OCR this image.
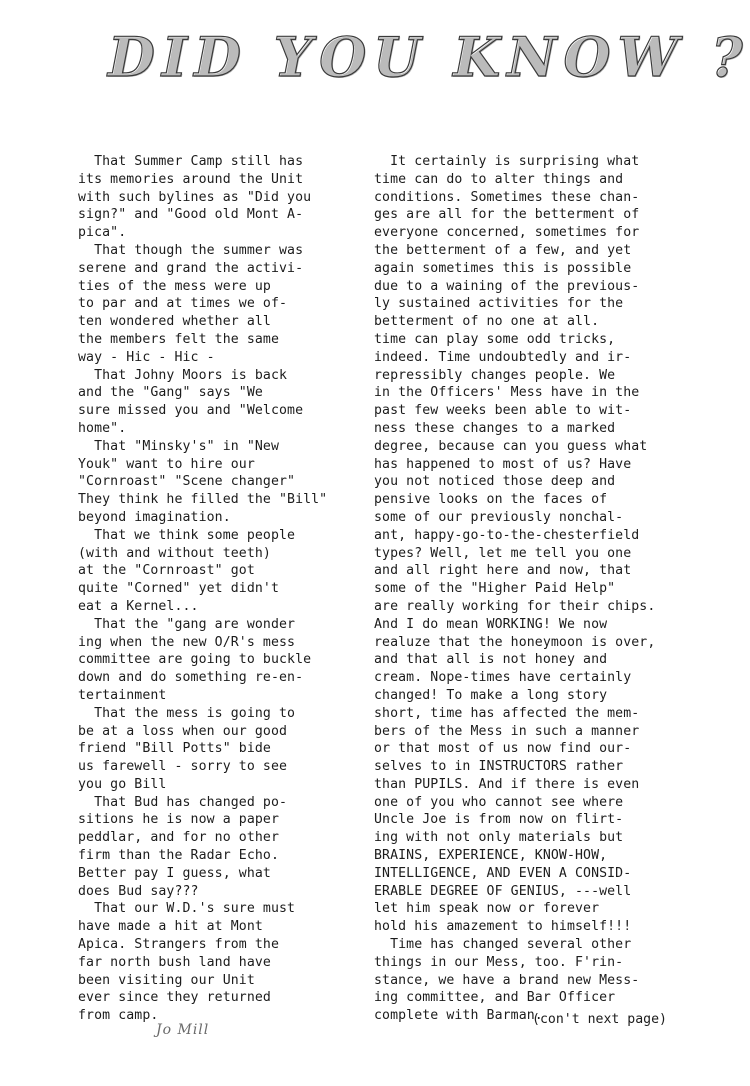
DID YOU KNOW ?
That Summer Camp still has
its memories around the Unit
with such bylines as "Did you
sign?" and "Good old Mont A-
pica".
That though the summer was
serene and grand the activi-
ties of the mess were up
to par and at times we of-
ten wondered whether all
the members felt the same
way - Hic - Hic -
That Johny Moors is back
and the "Gang" says "We
sure missed you and "Welcome
home".
That "Minsky's" in "New
Youk" want to hire our
"Cornroast" "Scene changer"
They think he filled the "Bill"
beyond imagination.
That we think some people
(with and without teeth)
at the "Cornroast" got
quite "Corned" yet didn't
eat a Kernel...
That the "gang are wonder
ing when the new O/R's mess
committee are going to buckle
down and do something re-en-
tertainment
That the mess is going to
be at a loss when our good
friend "Bill Potts" bide
us farewell - sorry to see
you go Bill
That Bud has changed po-
sitions he is now a paper
peddlar, and for no other
firm than the Radar Echo.
Better pay I guess, what
does Bud say???
That our W.D.'s sure must
have made a hit at Mont
Apica. Strangers from the
far north bush land have
been visiting our Unit
ever since they returned
from camp.
It certainly is surprising what
time can do to alter things and
conditions. Sometimes these chan-
ges are all for the betterment of
everyone concerned, sometimes for
the betterment of a few, and yet
again sometimes this is possible
due to a waining of the previous-
ly sustained activities for the
betterment of no one at all.
time can play some odd tricks,
indeed. Time undoubtedly and ir-
repressibly changes people. We
in the Officers' Mess have in the
past few weeks been able to wit-
ness these changes to a marked
degree, because can you guess what
has happened to most of us? Have
you not noticed those deep and
pensive looks on the faces of
some of our previously nonchal-
ant, happy-go-to-the-chesterfield
types? Well, let me tell you one
and all right here and now, that
some of the "Higher Paid Help"
are really working for their chips.
And I do mean WORKING! We now
realuze that the honeymoon is over,
and that all is not honey and
cream. Nope-times have certainly
changed! To make a long story
short, time has affected the mem-
bers of the Mess in such a manner
or that most of us now find our-
selves to in INSTRUCTORS rather
than PUPILS. And if there is even
one of you who cannot see where
Uncle Joe is from now on flirt-
ing with not only materials but
BRAINS, EXPERIENCE, KNOW-HOW,
INTELLIGENCE, AND EVEN A CONSID-
ERABLE DEGREE OF GENIUS, ---well
let him speak now or forever
hold his amazement to himself!!!
Time has changed several other
things in our Mess, too. F'rin-
stance, we have a brand new Mess-
ing committee, and Bar Officer
complete with Barman.
(con't next page)
Jo Mill
